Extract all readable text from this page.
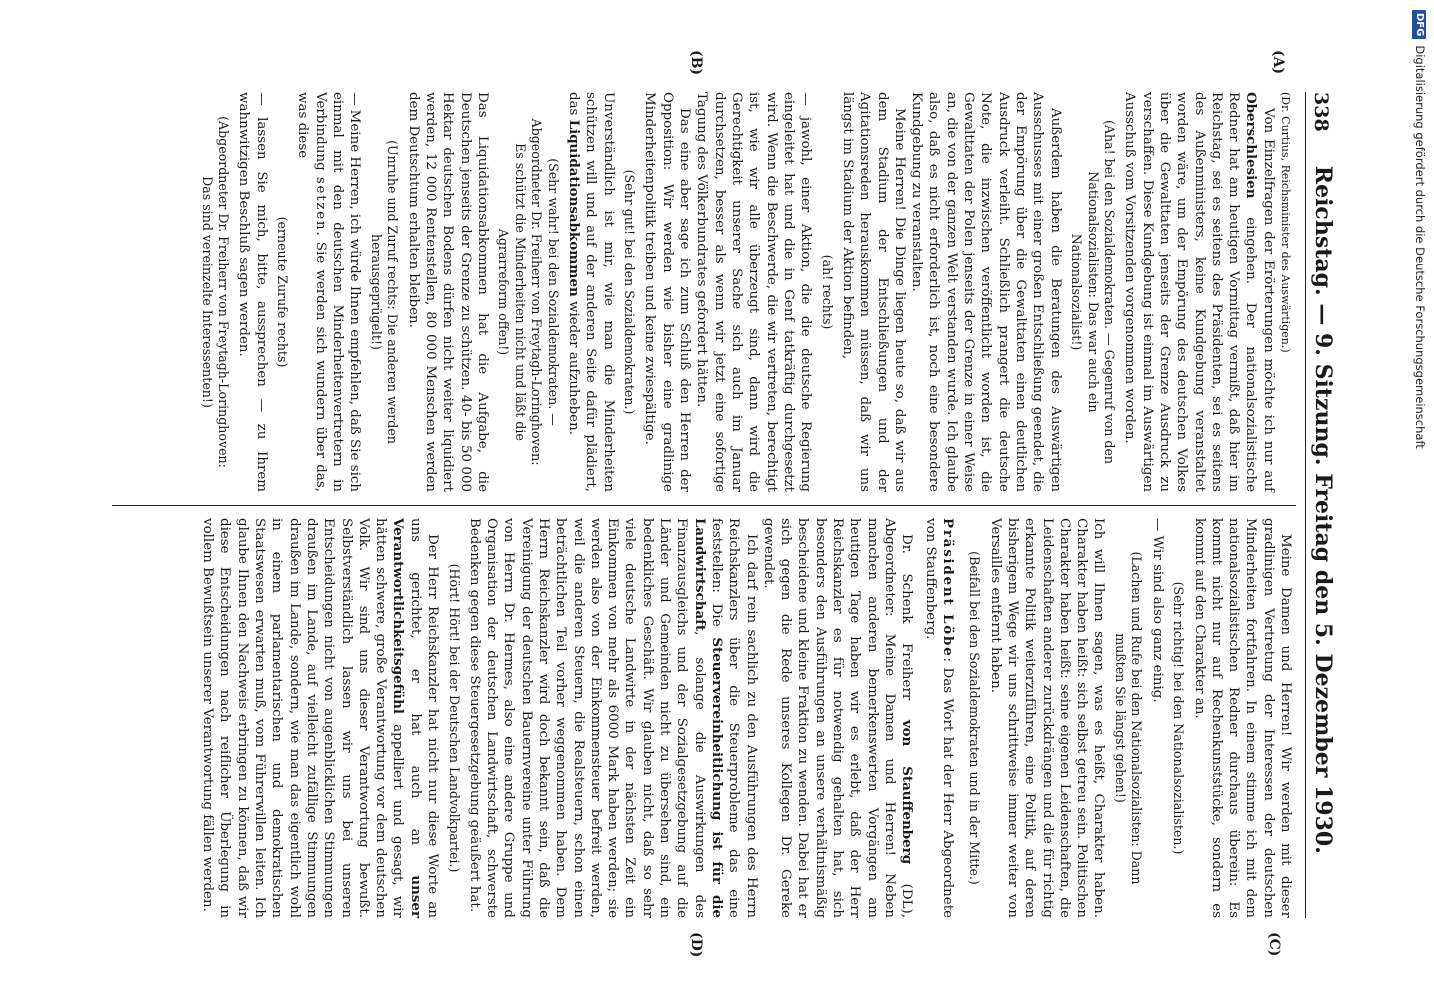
338
Reichstag. — 9. Sitzung. Freitag den 5. Dezember 1930.
(A)
(B)
(C)
(D)

(Dr. Curtius, Reichsminister des Auswärtigen.)

Von Einzelfragen der Erörterungen möchte ich nur auf Oberschlesien eingehen. Der nationalsozialistische Redner hat am heutigen Vormittag vermißt, daß hier im Reichstag, sei es seitens des Präsidenten, sei es seitens des Außenministers, keine Kundgebung veranstaltet worden wäre, um der Empörung des deutschen Volkes über die Gewalttaten jenseits der Grenze Ausdruck zu verschaffen. Diese Kundgebung ist einmal im Auswärtigen Ausschuß vom Vorsitzenden vorgenommen worden.

(Aha! bei den Sozialdemokraten. — Gegenruf von den Nationalsozialisten: Das war auch ein Nationalsozialist!)

Außerdem haben die Beratungen des Auswärtigen Ausschusses mit einer großen Entschließung geendet, die der Empörung über die Gewalttaten einen deutlichen Ausdruck verleiht. Schließlich prangert die deutsche Note, die inzwischen veröffentlicht worden ist, die Gewalttaten der Polen jenseits der Grenze in einer Weise an, die von der ganzen Welt verstanden wurde. Ich glaube also, daß es nicht erforderlich ist, noch eine besondere Kundgebung zu veranstalten.

Meine Herren! Die Dinge liegen heute so, daß wir aus dem Stadium der Entschließungen und der Agitationsreden herauskommen müssen, daß wir uns längst im Stadium der Aktion befinden,

(ah! rechts)

— jawohl, einer Aktion, die die deutsche Regierung eingeleitet hat und die in Genf tatkräftig durchgesetzt wird. Wenn die Beschwerde, die wir vertreten, berechtigt ist, wie wir alle überzeugt sind, dann wird die Gerechtigkeit unserer Sache sich auch im Januar durchsetzen, besser als wenn wir jetzt eine sofortige Tagung des Völkerbundrates gefordert hätten.

Das eine aber sage ich zum Schluß den Herren der Opposition: Wir werden wie bisher eine gradlinige Minderheitenpolitik treiben und keine zwiespältige.

(Sehr gut! bei den Sozialdemokraten.)

Unverständlich ist mir, wie man die Minderheiten schützen will und auf der anderen Seite dafür plädiert, das Liquidationsabkommen wieder aufzuheben.

(Sehr wahr! bei den Sozialdemokraten. — Abgeordneter Dr. Freiherr von Freytagh-Loringhoven: Es schützt die Minderheiten nicht und läßt die Agrarreform offen!)

Das Liquidationsabkommen hat die Aufgabe, die Deutschen jenseits der Grenze zu schützen. 40- bis 50 000 Hektar deutschen Bodens dürfen nicht weiter liquidiert werden, 12 000 Rentenstellen, 80 000 Menschen werden dem Deutschtum erhalten bleiben.

(Unruhe und Zuruf rechts: Die anderen werden herausgeprügelt!)

— Meine Herren, ich würde Ihnen empfehlen, daß Sie sich einmal mit den deutschen Minderheitenvertretern in Verbindung setzen. Sie werden sich wundern über das, was diese

(erneute Zurufe rechts)

— lassen Sie mich, bitte, aussprechen — zu Ihrem wahnwitzigen Beschluß sagen werden.

(Abgeordneter Dr. Freiherr von Freytagh-Loringhoven: Das sind vereinzelte Interessenten!)

Meine Damen und Herren! Wir werden mit dieser gradlinigen Vertretung der Interessen der deutschen Minderheiten fortfahren. In einem stimme ich mit dem nationalsozialistischen Redner durchaus überein: Es kommt nicht nur auf Rechenkunststücke, sondern es kommt auf den Charakter an.

(Sehr richtig! bei den Nationalsozialisten.)

— Wir sind also ganz einig.

(Lachen und Rufe bei den Nationalsozialisten: Dann mußten Sie längst gehen!)

Ich will Ihnen sagen, was es heißt, Charakter haben. Charakter haben heißt: sich selbst getreu sein. Politischen Charakter haben heißt: seine eigenen Leidenschaften, die Leidenschaften anderer zurückdrängen und die für richtig erkannte Politik weiterzuführen, eine Politik, auf deren bisherigem Wege wir uns schrittweise immer weiter von Versailles entfernt haben.

(Beifall bei den Sozialdemokraten und in der Mitte.)

Präsident Löbe: Das Wort hat der Herr Abgeordnete von Stauffenberg.

Dr. Schenk Freiherr von Stauffenberg (DL), Abgeordneter: Meine Damen und Herren! Neben manchen anderen bemerkenswerten Vorgängen am heutigen Tage haben wir es erlebt, daß der Herr Reichskanzler es für notwendig gehalten hat, sich besonders den Ausführungen an unsere verhältnismäßig bescheidene und kleine Fraktion zu wenden. Dabei hat er sich gegen die Rede unseres Kollegen Dr. Gereke gewendet.

Ich darf rein sachlich zu den Ausführungen des Herrn Reichskanzlers über die Steuerprobleme das eine feststellen: Die Steuervereinheitlichung ist für die Landwirtschaft, solange die Auswirkungen des Finanzausgleichs und der Sozialgesetzgebung auf die Länder und Gemeinden nicht zu übersehen sind, ein bedenkliches Geschäft. Wir glauben nicht, daß so sehr viele deutsche Landwirte in der nächsten Zeit ein Einkommen von mehr als 6000 Mark haben werden; sie werden also von der Einkommensteuer befreit werden, weil die anderen Steuern, die Realsteuern, schon einen beträchtlichen Teil vorher weggenommen haben. Dem Herrn Reichskanzler wird doch bekannt sein, daß die Vereinigung der deutschen Bauernvereine unter Führung von Herrn Dr. Hermes, also eine andere Gruppe und Organisation der deutschen Landwirtschaft, schwerste Bedenken gegen diese Steuergesetzgebung geäußert hat.

(Hört! Hört! bei der Deutschen Landvolkpartei.)

Der Herr Reichskanzler hat nicht nur diese Worte an uns gerichtet, er hat auch an unser Verantwortlichkeitsgefühl appelliert und gesagt, wir hätten schwere, große Verantwortung vor dem deutschen Volk. Wir sind uns dieser Verantwortung bewußt. Selbstverständlich lassen wir uns bei unseren Entscheidungen nicht von augenblicklichen Stimmungen draußen im Lande, auf vielleicht zufällige Stimmungen draußen im Lande, sondern, wie man das eigentlich wohl in einem parlamentarischen und demokratischen Staatswesen erwarten muß, vom Führerwillen leiten. Ich glaube Ihnen den Nachweis erbringen zu können, daß wir diese Entscheidungen nach reiflicher Überlegung in vollem Bewußtsein unserer Verantwortung fällen werden.

DFGDigitalisierung gefördert durch die Deutsche Forschungsgemeinschaft
